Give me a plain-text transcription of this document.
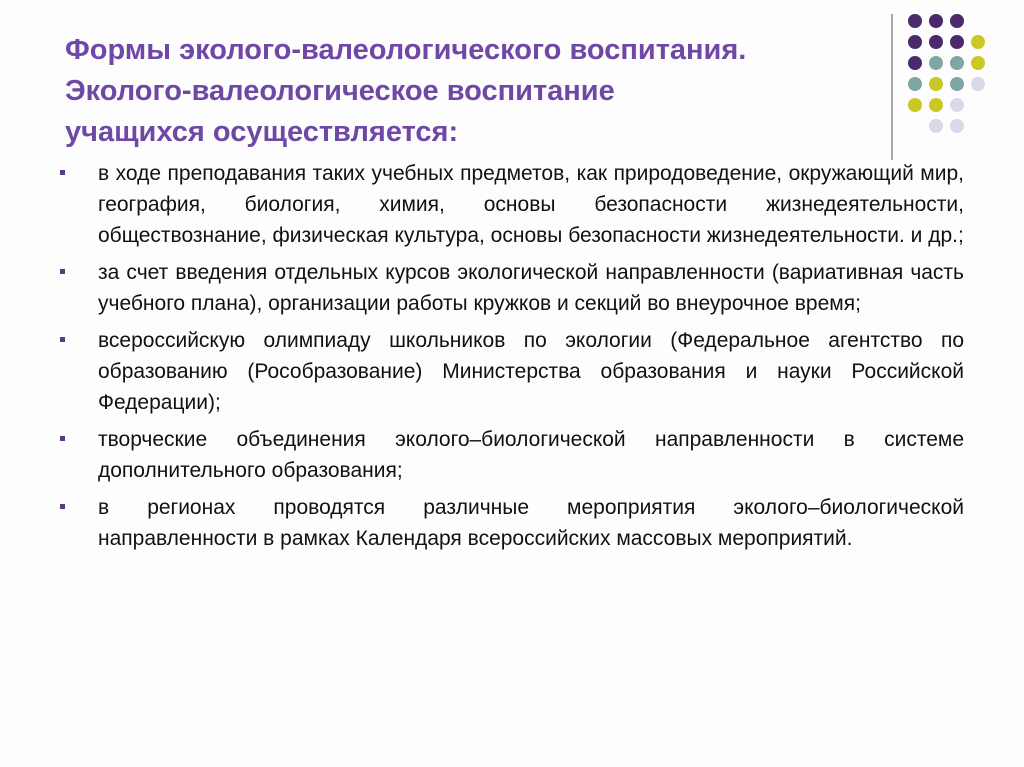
Формы эколого-валеологического воспитания.
Эколого-валеологическое воспитание
учащихся осуществляется:
в ходе преподавания таких учебных предметов, как природоведение, окружающий мир, география, биология, химия, основы безопасности жизнедеятельности, обществознание, физическая культура, основы безопасности жизнедеятельности. и др.;
за счет введения отдельных курсов экологической направленности (вариативная часть учебного плана), организации работы кружков и секций во внеурочное время;
всероссийскую олимпиаду школьников по экологии (Федеральное агентство по образованию (Рособразование) Министерства образования и науки Российской Федерации);
творческие объединения эколого–биологической направленности в системе дополнительного образования;
в регионах проводятся различные мероприятия эколого–биологической направленности в рамках Календаря всероссийских массовых мероприятий.
